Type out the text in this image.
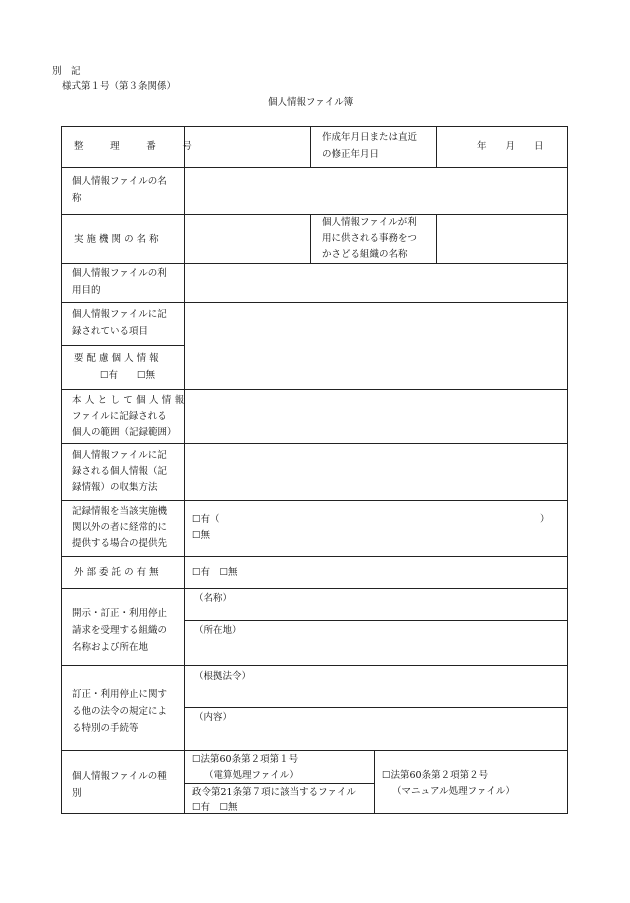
別　記
様式第１号（第３条関係）
個人情報ファイル簿
整　理　番　号
作成年月日または直近
の修正年月日
年　　月　　日
個人情報ファイルの名
称
実 施 機 関 の 名 称
個人情報ファイルが利
用に供される事務をつ
かさどる組織の名称
個人情報ファイルの利
用目的
個人情報ファイルに記
録されている項目
要 配 慮 個 人 情 報
☐有　　☐無
本人として個人情報
ファイルに記録される
個人の範囲（記録範囲）
個人情報ファイルに記
録される個人情報（記
録情報）の収集方法
記録情報を当該実施機
関以外の者に経常的に
提供する場合の提供先
☐有（	）
☐無
外 部 委 託 の 有 無	☐有　☐無
開示・訂正・利用停止
請求を受理する組織の
名称および所在地
（名称）
（所在地）
訂正・利用停止に関す
る他の法令の規定によ
る特別の手続等
（根拠法令）
（内容）
個人情報ファイルの種
別
☐法第60条第２項第１号
（電算処理ファイル）
政令第21条第７項に該当するファイル
☐有　☐無
☐法第60条第２項第２号
（マニュアル処理ファイル）
